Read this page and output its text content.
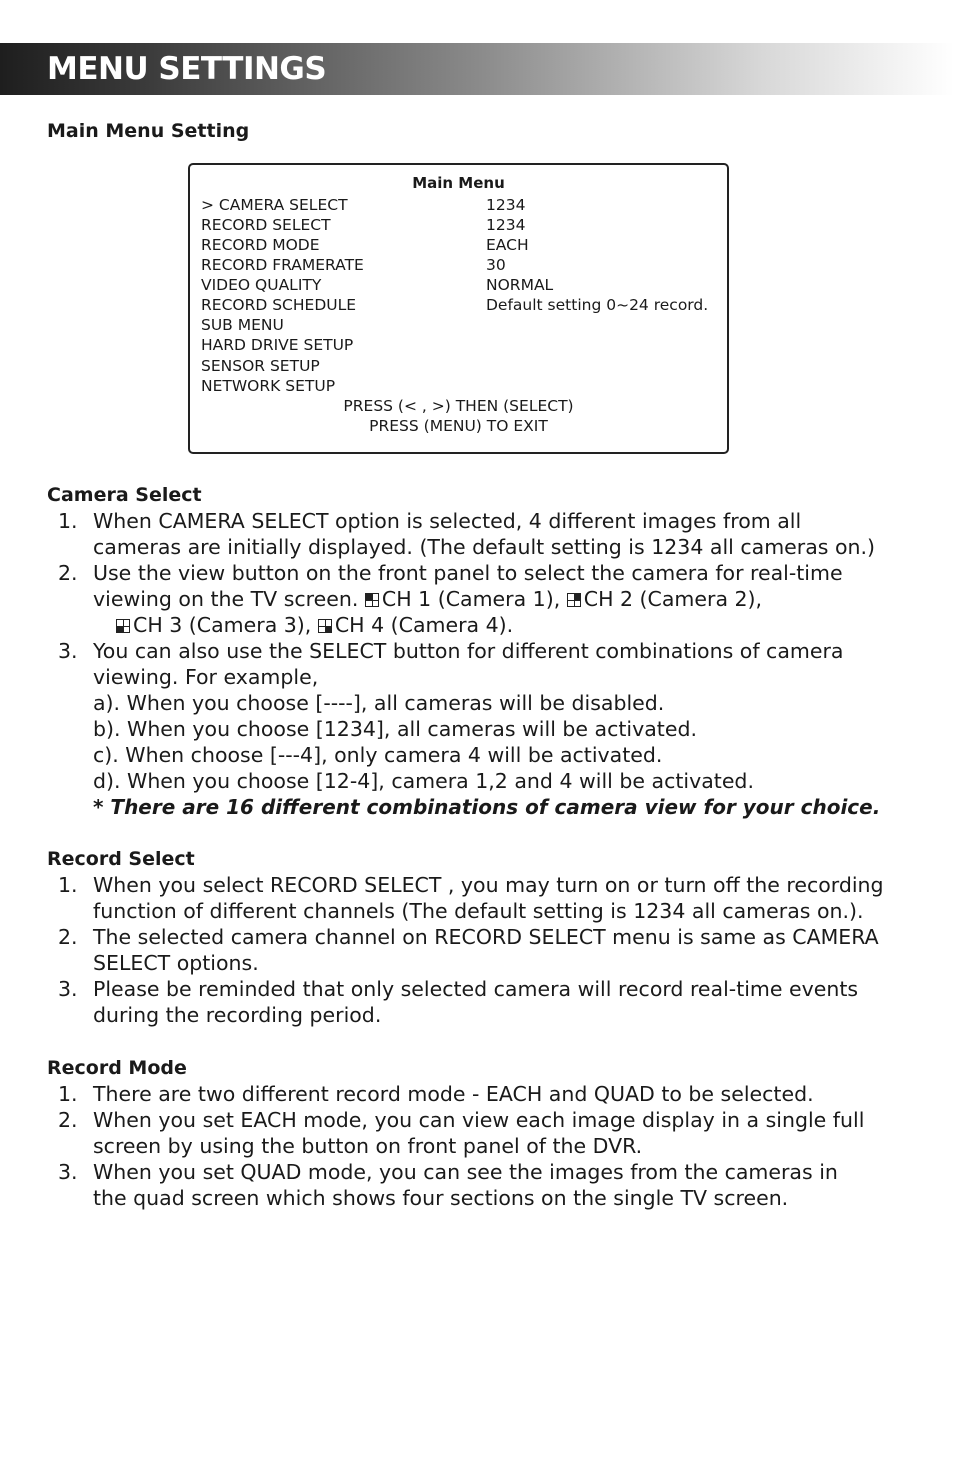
MENU SETTINGS
Main Menu Setting
Main Menu
> CAMERA SELECT	1234
RECORD SELECT	1234
RECORD MODE	EACH
RECORD FRAMERATE	30
VIDEO QUALITY	NORMAL
RECORD SCHEDULE	Default setting 0~24 record.
SUB MENU
HARD DRIVE SETUP
SENSOR SETUP
NETWORK SETUP
PRESS (< , >) THEN (SELECT)
PRESS (MENU) TO EXIT
Camera Select
1. When CAMERA SELECT option is selected, 4 different images from all
cameras are initially displayed. (The default setting is 1234 all cameras on.)
2. Use the view button on the front panel to select the camera for real-time
viewing on the TV screen. CH 1 (Camera 1), CH 2 (Camera 2),
CH 3 (Camera 3), CH 4 (Camera 4).
3. You can also use the SELECT button for different combinations of camera
viewing. For example,
a). When you choose [----], all cameras will be disabled.
b). When you choose [1234], all cameras will be activated.
c). When choose [---4], only camera 4 will be activated.
d). When you choose [12-4], camera 1,2 and 4 will be activated.
* There are 16 different combinations of camera view for your choice.
Record Select
1. When you select RECORD SELECT , you may turn on or turn off the recording
function of different channels (The default setting is 1234 all cameras on.).
2. The selected camera channel on RECORD SELECT menu is same as CAMERA
SELECT options.
3. Please be reminded that only selected camera will record real-time events
during the recording period.
Record Mode
1. There are two different record mode - EACH and QUAD to be selected.
2. When you set EACH mode, you can view each image display in a single full
screen by using the button on front panel of the DVR.
3. When you set QUAD mode, you can see the images from the cameras in
the quad screen which shows four sections on the single TV screen.
